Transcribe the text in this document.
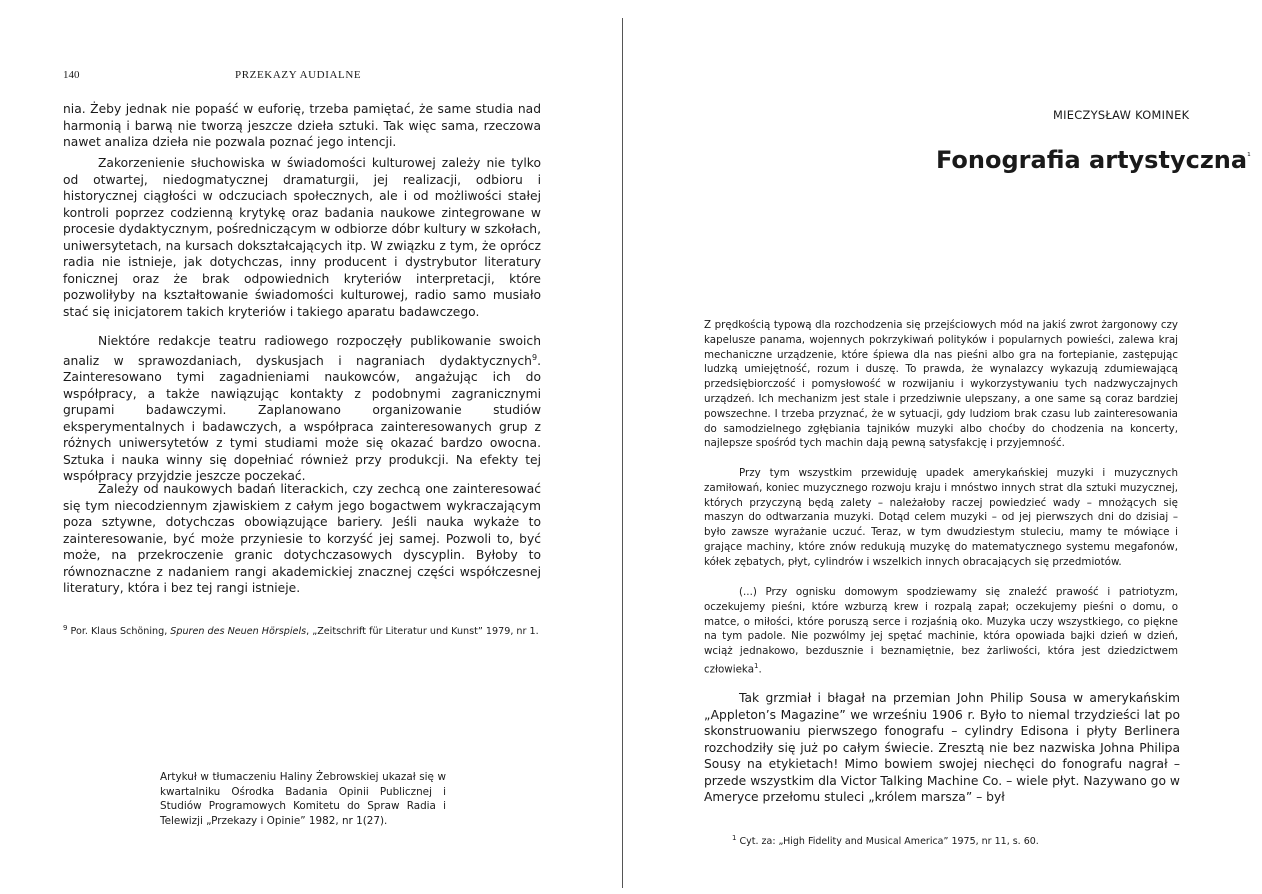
140	PRZEKAZY AUDIALNE

nia. Żeby jednak nie popaść w euforię, trzeba pamiętać, że same studia nad harmonią i barwą nie tworzą jeszcze dzieła sztuki. Tak więc sama, rzeczowa nawet analiza dzieła nie pozwala poznać jego intencji.

Zakorzenienie słuchowiska w świadomości kulturowej zależy nie tylko od otwartej, niedogmatycznej dramaturgii, jej realizacji, odbioru i historycznej ciągłości w odczuciach społecznych, ale i od możliwości stałej kontroli poprzez codzienną krytykę oraz badania naukowe zintegrowane w procesie dydaktycznym, pośredniczącym w odbiorze dóbr kultury w szkołach, uniwersytetach, na kursach dokształcających itp. W związku z tym, że oprócz radia nie istnieje, jak dotychczas, inny producent i dystrybutor literatury fonicznej oraz że brak odpowiednich kryteriów interpretacji, które pozwoliłyby na kształtowanie świadomości kulturowej, radio samo musiało stać się inicjatorem takich kryteriów i takiego aparatu badawczego.

Niektóre redakcje teatru radiowego rozpoczęły publikowanie swoich analiz w sprawozdaniach, dyskusjach i nagraniach dydaktycznych$^9$. Zainteresowano tymi zagadnieniami naukowców, angażując ich do współpracy, a także nawiązując kontakty z podobnymi zagranicznymi grupami badawczymi. Zaplanowano organizowanie studiów eksperymentalnych i badawczych, a współpraca zainteresowanych grup z różnych uniwersytetów z tymi studiami może się okazać bardzo owocna. Sztuka i nauka winny się dopełniać również przy produkcji. Na efekty tej współpracy przyjdzie jeszcze poczekać.

Zależy od naukowych badań literackich, czy zechcą one zainteresować się tym niecodziennym zjawiskiem z całym jego bogactwem wykraczającym poza sztywne, dotychczas obowiązujące bariery. Jeśli nauka wykaże to zainteresowanie, być może przyniesie to korzyść jej samej. Pozwoli to, być może, na przekroczenie granic dotychczasowych dyscyplin. Byłoby to równoznaczne z nadaniem rangi akademickiej znacznej części współczesnej literatury, która i bez tej rangi istnieje.

$^9$ Por. Klaus Schöning, Spuren des Neuen Hörspiels, „Zeitschrift für Literatur und Kunst” 1979, nr 1.
Artykuł w tłumaczeniu Haliny Żebrowskiej ukazał się w kwartalniku Ośrodka Badania Opinii Publicznej i Studiów Programowych Komitetu do Spraw Radia i Telewizji „Przekazy i Opinie” 1982, nr 1(27).
MIECZYSŁAW KOMINEK
Fonografia artystyczna$^{^1}$

Z prędkością typową dla rozchodzenia się przejściowych mód na jakiś zwrot żargonowy czy kapelusze panama, wojennych pokrzykiwań polityków i popularnych powieści, zalewa kraj mechaniczne urządzenie, które śpiewa dla nas pieśni albo gra na fortepianie, zastępując ludzką umiejętność, rozum i duszę. To prawda, że wynalazcy wykazują zdumiewającą przedsiębiorczość i pomysłowość w rozwijaniu i wykorzystywaniu tych nadzwyczajnych urządzeń. Ich mechanizm jest stale i przedziwnie ulepszany, a one same są coraz bardziej powszechne. I trzeba przyznać, że w sytuacji, gdy ludziom brak czasu lub zainteresowania do samodzielnego zgłębiania tajników muzyki albo choćby do chodzenia na koncerty, najlepsze spośród tych machin dają pewną satysfakcję i przyjemność.

Przy tym wszystkim przewiduję upadek amerykańskiej muzyki i muzycznych zamiłowań, koniec muzycznego rozwoju kraju i mnóstwo innych strat dla sztuki muzycznej, których przyczyną będą zalety – należałoby raczej powiedzieć wady – mnożących się maszyn do odtwarzania muzyki. Dotąd celem muzyki – od jej pierwszych dni do dzisiaj – było zawsze wyrażanie uczuć. Teraz, w tym dwudziestym stuleciu, mamy te mówiące i grające machiny, które znów redukują muzykę do matematycznego systemu megafonów, kółek zębatych, płyt, cylindrów i wszelkich innych obracających się przedmiotów.

(...) Przy ognisku domowym spodziewamy się znaleźć prawość i patriotyzm, oczekujemy pieśni, które wzburzą krew i rozpalą zapał; oczekujemy pieśni o domu, o matce, o miłości, które poruszą serce i rozjaśnią oko. Muzyka uczy wszystkiego, co piękne na tym padole. Nie pozwólmy jej spętać machinie, która opowiada bajki dzień w dzień, wciąż jednakowo, bezdusznie i beznamiętnie, bez żarliwości, która jest dziedzictwem człowieka$^1$.

Tak grzmiał i błagał na przemian John Philip Sousa w amerykańskim „Appleton’s Magazine” we wrześniu 1906 r. Było to niemal trzydzieści lat po skonstruowaniu pierwszego fonografu – cylindry Edisona i płyty Berlinera rozchodziły się już po całym świecie. Zresztą nie bez nazwiska Johna Philipa Sousy na etykietach! Mimo bowiem swojej niechęci do fonografu nagrał – przede wszystkim dla Victor Talking Machine Co. – wiele płyt. Nazywano go w Ameryce przełomu stuleci „królem marsza” – był

$^1$ Cyt. za: „High Fidelity and Musical America” 1975, nr 11, s. 60.
